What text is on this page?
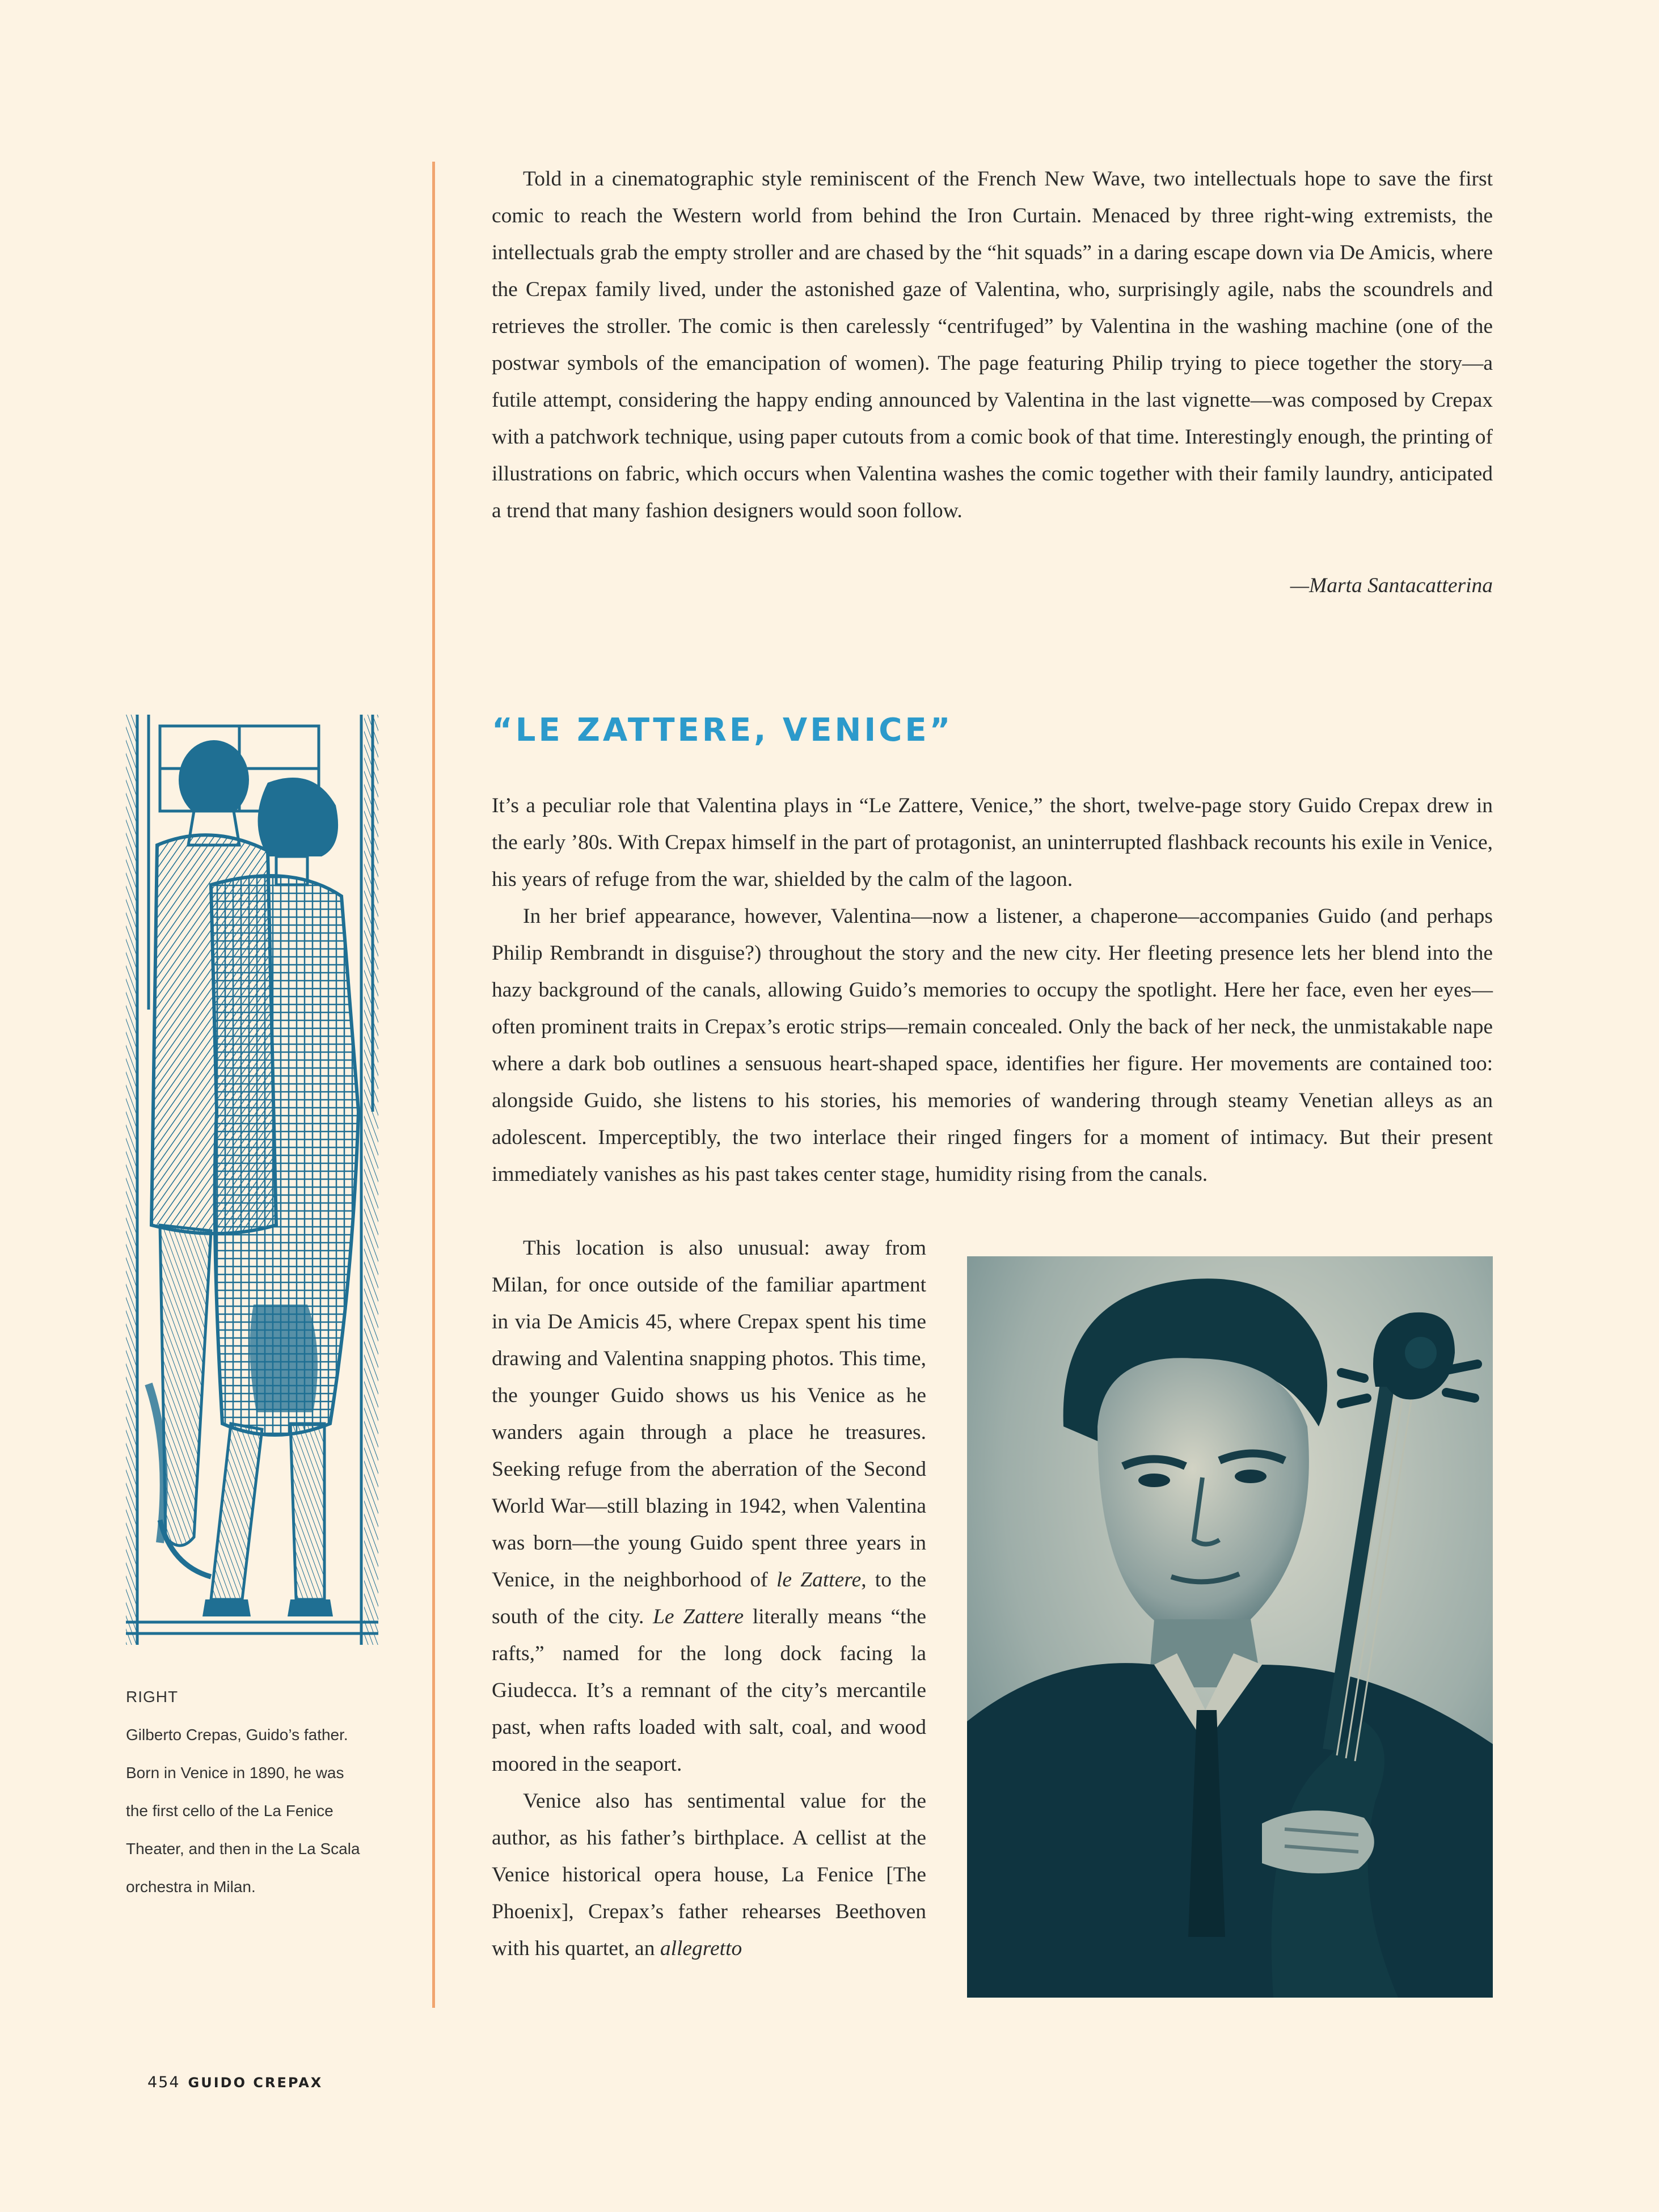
Told in a cinematographic style reminiscent of the French New Wave, two intellectuals hope to save the first comic to reach the Western world from behind the Iron Curtain. Menaced by three right-wing extremists, the intellectuals grab the empty stroller and are chased by the “hit squads” in a daring escape down via De Amicis, where the Crepax family lived, under the astonished gaze of Valentina, who, surprisingly agile, nabs the scoundrels and retrieves the stroller. The comic is then carelessly “centrifuged” by Valentina in the washing machine (one of the postwar symbols of the emancipation of women). The page featuring Philip trying to piece together the story—a futile attempt, considering the happy ending announced by Valentina in the last vignette—was composed by Crepax with a patchwork technique, using paper cutouts from a comic book of that time. Interestingly enough, the printing of illustrations on fabric, which occurs when Valentina washes the comic together with their family laundry, anticipated a trend that many fashion designers would soon follow.

—Marta Santacatterina

“LE ZATTERE, VENICE”

It’s a peculiar role that Valentina plays in “Le Zattere, Venice,” the short, twelve-page story Guido Crepax drew in the early ’80s. With Crepax himself in the part of protagonist, an uninterrupted flashback recounts his exile in Venice, his years of refuge from the war, shielded by the calm of the lagoon.

In her brief appearance, however, Valentina—now a listener, a chaperone—accompanies Guido (and perhaps Philip Rembrandt in disguise?) throughout the story and the new city. Her fleeting presence lets her blend into the hazy background of the canals, allowing Guido’s memories to occupy the spotlight. Here her face, even her eyes—often prominent traits in Crepax’s erotic strips—remain concealed. Only the back of her neck, the unmistakable nape where a dark bob outlines a sensuous heart-shaped space, identifies her figure. Her movements are contained too: alongside Guido, she listens to his stories, his memories of wandering through steamy Venetian alleys as an adolescent. Imperceptibly, the two interlace their ringed fingers for a moment of intimacy. But their present immediately vanishes as his past takes center stage, humidity rising from the canals.

This location is also unusual: away from Milan, for once outside of the familiar apartment in via De Amicis 45, where Crepax spent his time drawing and Valentina snapping photos. This time, the younger Guido shows us his Venice as he wanders again through a place he treasures. Seeking refuge from the aberration of the Second World War—still blazing in 1942, when Valentina was born—the young Guido spent three years in Venice, in the neighborhood of le Zattere, to the south of the city. Le Zattere literally means “the rafts,” named for the long dock facing la Giudecca. It’s a remnant of the city’s mercantile past, when rafts loaded with salt, coal, and wood moored in the seaport.

Venice also has sentimental value for the author, as his father’s birthplace. A cellist at the Venice historical opera house, La Fenice [The Phoenix], Crepax’s father rehearses Beethoven with his quartet, an allegretto

RIGHT
Gilberto Crepas, Guido’s father.
Born in Venice in 1890, he was
the first cello of the La Fenice
Theater, and then in the La Scala
orchestra in Milan.
454 GUIDO CREPAX
